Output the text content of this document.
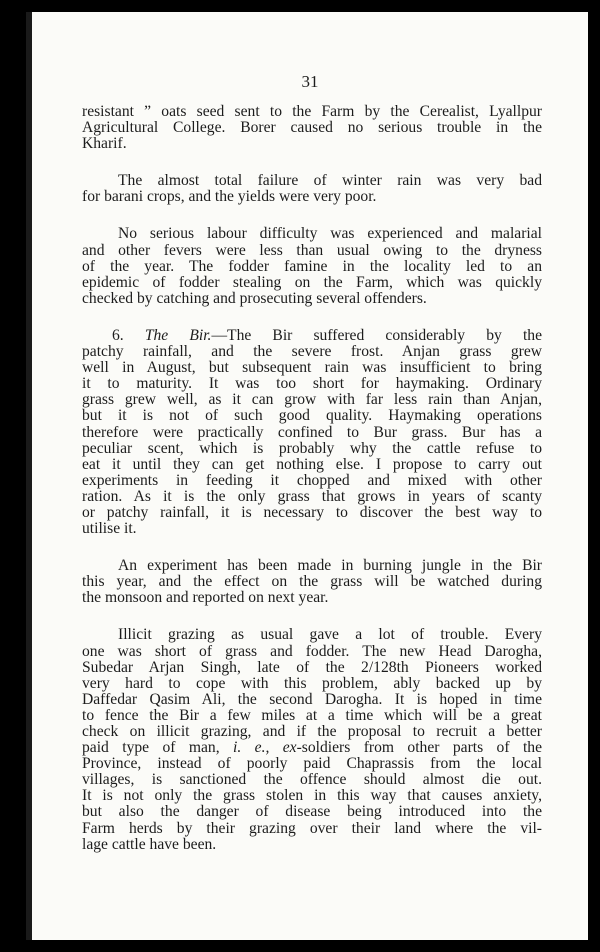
31
resistant ” oats seed sent to the Farm by the Cerealist, Lyallpur
Agricultural College. Borer caused no serious trouble in the
Kharif.
The almost total failure of winter rain was very bad
for barani crops, and the yields were very poor.
No serious labour difficulty was experienced and malarial
and other fevers were less than usual owing to the dryness
of the year. The fodder famine in the locality led to an
epidemic of fodder stealing on the Farm, which was quickly
checked by catching and prosecuting several offenders.
6. The Bir.—The Bir suffered considerably by the
patchy rainfall, and the severe frost. Anjan grass grew
well in August, but subsequent rain was insufficient to bring
it to maturity. It was too short for haymaking. Ordinary
grass grew well, as it can grow with far less rain than Anjan,
but it is not of such good quality. Haymaking operations
therefore were practically confined to Bur grass. Bur has a
peculiar scent, which is probably why the cattle refuse to
eat it until they can get nothing else. I propose to carry out
experiments in feeding it chopped and mixed with other
ration. As it is the only grass that grows in years of scanty
or patchy rainfall, it is necessary to discover the best way to
utilise it.
An experiment has been made in burning jungle in the Bir
this year, and the effect on the grass will be watched during
the monsoon and reported on next year.
Illicit grazing as usual gave a lot of trouble. Every
one was short of grass and fodder. The new Head Darogha,
Subedar Arjan Singh, late of the 2/128th Pioneers worked
very hard to cope with this problem, ably backed up by
Daffedar Qasim Ali, the second Darogha. It is hoped in time
to fence the Bir a few miles at a time which will be a great
check on illicit grazing, and if the proposal to recruit a better
paid type of man, i. e., ex-soldiers from other parts of the
Province, instead of poorly paid Chaprassis from the local
villages, is sanctioned the offence should almost die out.
It is not only the grass stolen in this way that causes anxiety,
but also the danger of disease being introduced into the
Farm herds by their grazing over their land where the vil-
lage cattle have been.
